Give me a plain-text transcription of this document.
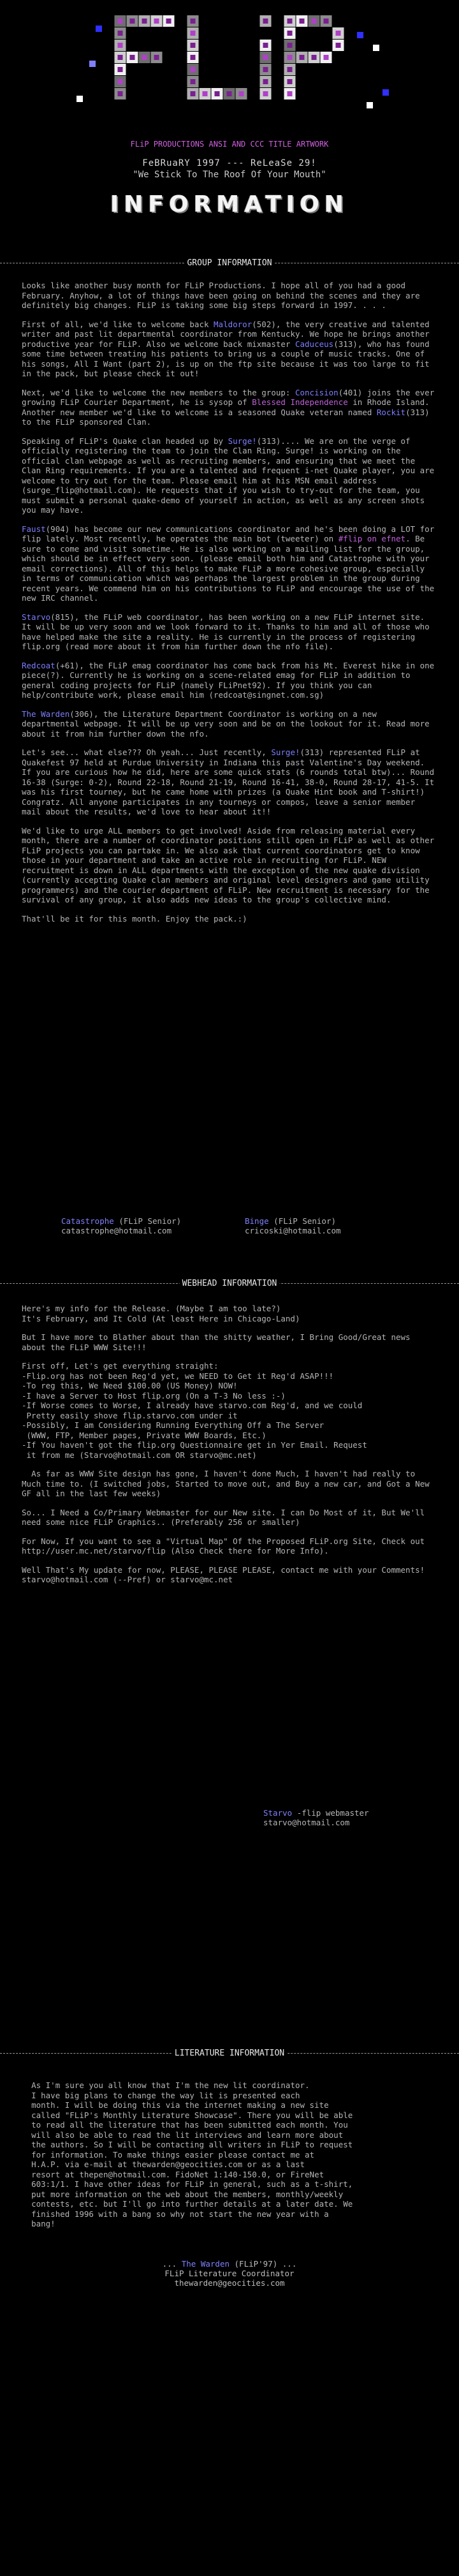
FLiP PRODUCTIONS ANSI AND CCC TITLE ARTWORK
FeBRuaRY 1997 --- ReLeaSe 29!
"We Stick To The Roof Of Your Mouth"
INFORMATION
GROUP INFORMATION

Looks like another busy month for FLiP Productions. I hope all of you had a good February. Anyhow, a lot of things have been going on behind the scenes and they are definitely big changes. FLiP is taking some big steps forward in 1997. . . .

First of all, we'd like to welcome back Maldoror(502), the very creative and talented writer and past lit departmental coordinator from Kentucky. We hope he brings another productive year for FLiP. Also we welcome back mixmaster Caduceus(313), who has found some time between treating his patients to bring us a couple of music tracks. One of his songs, All I Want (part 2), is up on the ftp site because it was too large to fit in the pack, but please check it out!

Next, we'd like to welcome the new members to the group: Concision(401) joins the ever growing FLiP Courier Department, he is sysop of Blessed Independence in Rhode Island. Another new member we'd like to welcome is a seasoned Quake veteran named Rockit(313) to the FLiP sponsored Clan.

Speaking of FLiP's Quake clan headed up by Surge!(313).... We are on the verge of officially registering the team to join the Clan Ring. Surge! is working on the official clan webpage as well as recruiting members, and ensuring that we meet the Clan Ring requirements. If you are a talented and frequent i-net Quake player, you are welcome to try out for the team. Please email him at his MSN email address (surge_flip@hotmail.com). He requests that if you wish to try-out for the team, you must submit a personal quake-demo of yourself in action, as well as any screen shots you may have.

Faust(904) has become our new communications coordinator and he's been doing a LOT for flip lately. Most recently, he operates the main bot (tweeter) on #flip on efnet. Be sure to come and visit sometime. He is also working on a mailing list for the group, which should be in effect very soon. (please email both him and Catastrophe with your email corrections). All of this helps to make FLiP a more cohesive group, especially in terms of communication which was perhaps the largest problem in the group during recent years. We commend him on his contributions to FLiP and encourage the use of the new IRC channel.

Starvo(815), the FLiP web coordinator, has been working on a new FLiP internet site. It will be up very soon and we look forward to it. Thanks to him and all of those who have helped make the site a reality. He is currently in the process of registering flip.org (read more about it from him further down the nfo file).

Redcoat(+61), the FLiP emag coordinator has come back from his Mt. Everest hike in one piece(?). Currently he is working on a scene-related emag for FLiP in addition to general coding projects for FLiP (namely FLiPnet92). If you think you can help/contribute work, please email him (redcoat@singnet.com.sg)

The Warden(306), the Literature Department Coordinator is working on a new departmental webpage. It will be up very soon and be on the lookout for it. Read more about it from him further down the nfo.

Let's see... what else??? Oh yeah... Just recently, Surge!(313) represented FLiP at Quakefest 97 held at Purdue University in Indiana this past Valentine's Day weekend. If you are curious how he did, here are some quick stats (6 rounds total btw)... Round 16-38 (Surge: 0-2), Round 22-18, Round 21-19, Round 16-41, 38-0, Round 28-17, 41-5. It was his first tourney, but he came home with prizes (a Quake Hint book and T-shirt!) Congratz. All anyone participates in any tourneys or compos, leave a senior member mail about the results, we'd love to hear about it!!

We'd like to urge ALL members to get involved! Aside from releasing material every month, there are a number of coordinator positions still open in FLiP as well as other FLiP projects you can partake in. We also ask that current coordinators get to know those in your department and take an active role in recruiting for FLiP. NEW recruitment is down in ALL departments with the exception of the new quake division (currently accepting Quake clan members and original level designers and game utility programmers) and the courier department of FLiP. New recruitment is necessary for the survival of any group, it also adds new ideas to the group's collective mind.

That'll be it for this month. Enjoy the pack.:)

Catastrophe (FLiP Senior)
catastrophe@hotmail.com
Binge (FLiP Senior)
cricoski@hotmail.com
WEBHEAD INFORMATION

Here's my info for the Release. (Maybe I am too late?)
It's February, and It Cold (At least Here in Chicago-Land)

But I have more to Blather about than the shitty weather, I Bring Good/Great news about the FLiP WWW Site!!!

First off, Let's get everything straight:
-Flip.org has not been Reg'd yet, we NEED to Get it Reg'd ASAP!!!
-To reg this, We Need $100.00 (US Money) NOW!
-I have a Server to Host flip.org (On a T-3 No less :-)
-If Worse comes to Worse, I already have starvo.com Reg'd, and we could
Pretty easily shove flip.starvo.com under it
-Possibly, I am Considering Running Everything Off a The Server
(WWW, FTP, Member pages, Private WWW Boards, Etc.)
-If You haven't got the flip.org Questionnaire get in Yer Email. Request
it from me (Starvo@hotmail.com OR starvo@mc.net)

As far as WWW Site design has gone, I haven't done Much, I haven't had really to Much time to. (I switched jobs, Started to move out, and Buy a new car, and Got a New GF all in the last few weeks)

So... I Need a Co/Primary Webmaster for our New site. I can Do Most of it, But We'll need some nice FLiP Graphics.. (Preferably 256 or smaller)

For Now, If you want to see a "Virtual Map" Of the Proposed FLiP.org Site, Check out http://user.mc.net/starvo/flip (Also Check there for More Info).

Well That's My update for now, PLEASE, PLEASE PLEASE, contact me with your Comments! starvo@hotmail.com (--Pref) or starvo@mc.net

Starvo -flip webmaster
starvo@hotmail.com
LITERATURE INFORMATION

As I'm sure you all know that I'm the new lit coordinator.
I have big plans to change the way lit is presented each
month. I will be doing this via the internet making a new site
called "FLiP's Monthly Literature Showcase". There you will be able
to read all the literature that has been submitted each month. You
will also be able to read the lit interviews and learn more about
the authors. So I will be contacting all writers in FLiP to request
for information. To make things easier please contact me at
H.A.P. via e-mail at thewarden@geocities.com or as a last
resort at thepen@hotmail.com. FidoNet 1:140-150.0, or FireNet
603:1/1. I have other ideas for FLiP in general, such as a t-shirt,
put more information on the web about the members, monthly/weekly
contests, etc. but I'll go into further details at a later date. We
finished 1996 with a bang so why not start the new year with a
bang!

... The Warden (FLiP'97) ...
FLiP Literature Coordinator
thewarden@geocities.com
